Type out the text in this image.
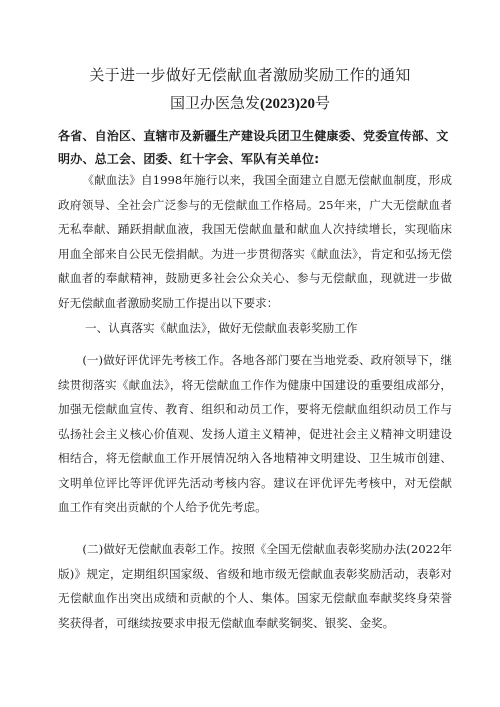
关于进一步做好无偿献血者激励奖励工作的通知
国卫办医急发(2023)20号
各省、自治区、直辖市及新疆生产建设兵团卫生健康委、党委宣传部、文明办、总工会、团委、红十字会、军队有关单位:

《献血法》自1998年施行以来，我国全面建立自愿无偿献血制度，形成政府领导、全社会广泛参与的无偿献血工作格局。25年来，广大无偿献血者无私奉献、踊跃捐献血液，我国无偿献血量和献血人次持续增长，实现临床用血全部来自公民无偿捐献。为进一步贯彻落实《献血法》，肯定和弘扬无偿献血者的奉献精神，鼓励更多社会公众关心、参与无偿献血，现就进一步做好无偿献血者激励奖励工作提出以下要求：

一、认真落实《献血法》，做好无偿献血表彰奖励工作

(一)做好评优评先考核工作。各地各部门要在当地党委、政府领导下，继续贯彻落实《献血法》，将无偿献血工作作为健康中国建设的重要组成部分，加强无偿献血宣传、教育、组织和动员工作，要将无偿献血组织动员工作与弘扬社会主义核心价值观、发扬人道主义精神，促进社会主义精神文明建设相结合，将无偿献血工作开展情况纳入各地精神文明建设、卫生城市创建、文明单位评比等评优评先活动考核内容。建议在评优评先考核中，对无偿献血工作有突出贡献的个人给予优先考虑。

(二)做好无偿献血表彰工作。按照《全国无偿献血表彰奖励办法(2022年版)》规定，定期组织国家级、省级和地市级无偿献血表彰奖励活动，表彰对无偿献血作出突出成绩和贡献的个人、集体。国家无偿献血奉献奖终身荣誉奖获得者，可继续按要求申报无偿献血奉献奖铜奖、银奖、金奖。
